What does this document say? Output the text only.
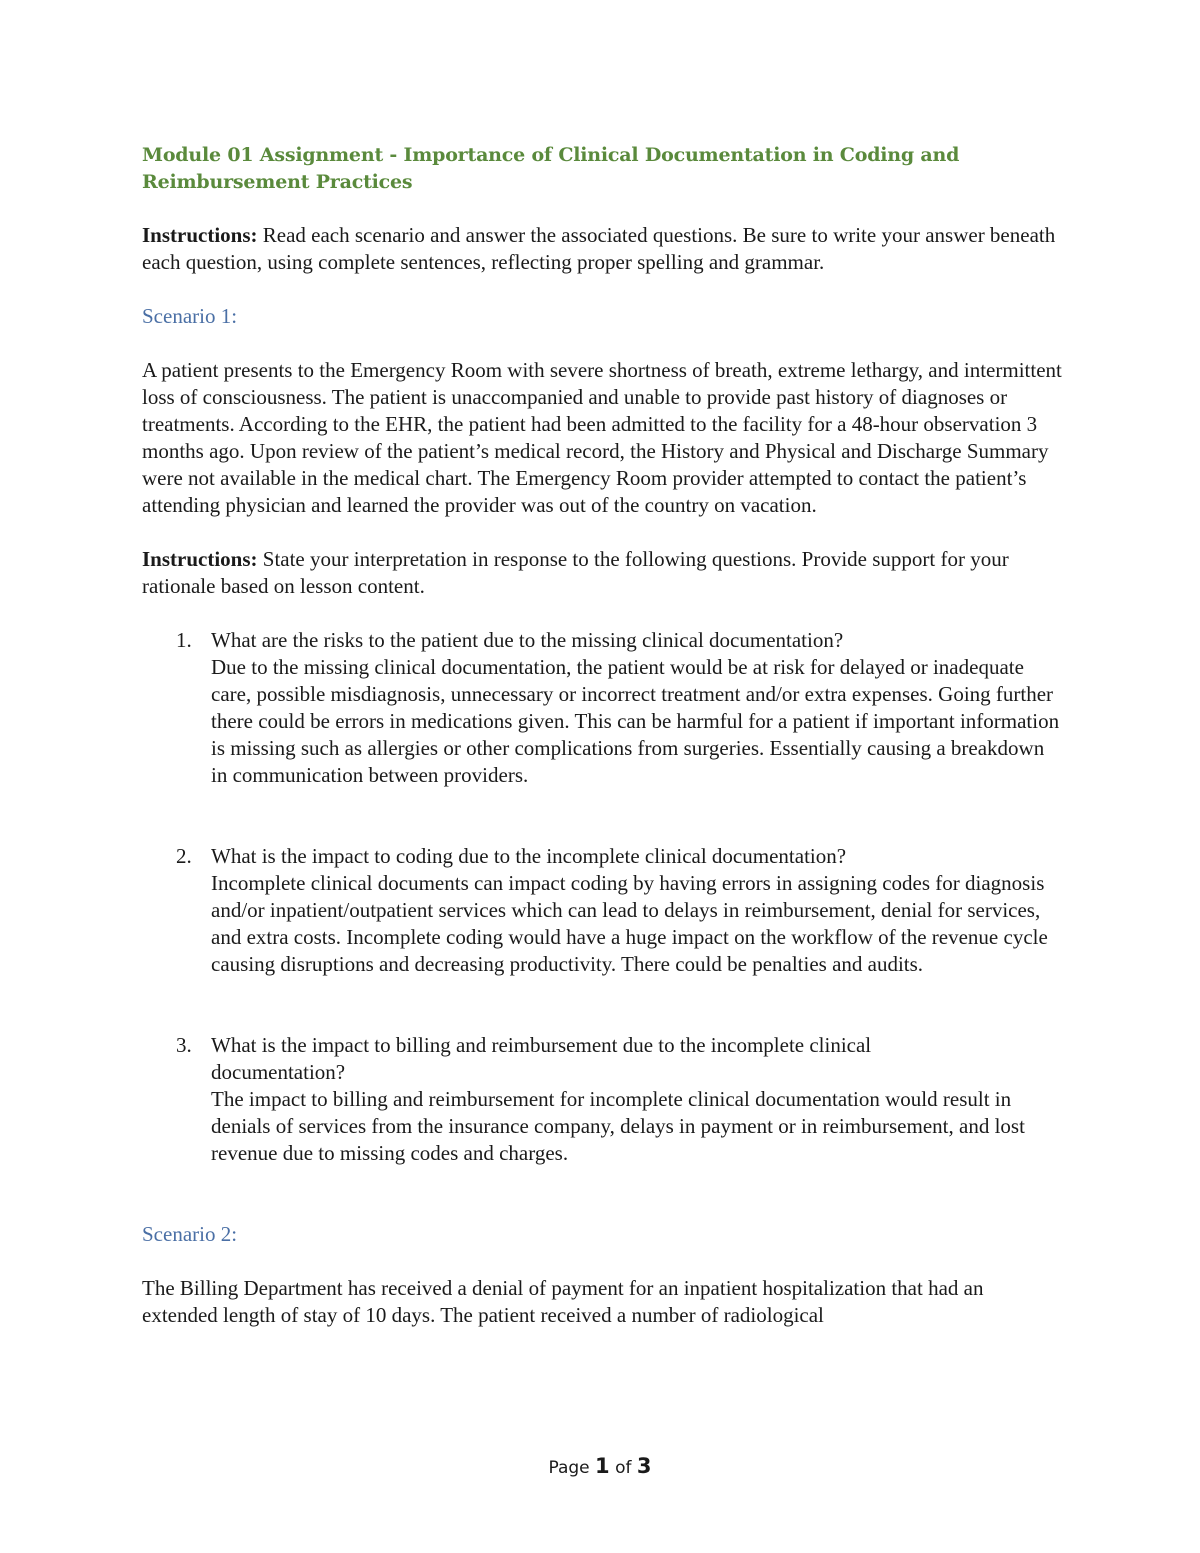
Module 01 Assignment - Importance of Clinical Documentation in Coding and Reimbursement Practices

Instructions: Read each scenario and answer the associated questions. Be sure to write your answer beneath each question, using complete sentences, reflecting proper spelling and grammar.

Scenario 1:

A patient presents to the Emergency Room with severe shortness of breath, extreme lethargy, and intermittent loss of consciousness. The patient is unaccompanied and unable to provide past history of diagnoses or treatments. According to the EHR, the patient had been admitted to the facility for a 48-hour observation 3 months ago. Upon review of the patient’s medical record, the History and Physical and Discharge Summary were not available in the medical chart. The Emergency Room provider attempted to contact the patient’s attending physician and learned the provider was out of the country on vacation.

Instructions: State your interpretation in response to the following questions. Provide support for your rationale based on lesson content.

1. What are the risks to the patient due to the missing clinical documentation?
Due to the missing clinical documentation, the patient would be at risk for delayed or inadequate care, possible misdiagnosis, unnecessary or incorrect treatment and/or extra expenses. Going further there could be errors in medications given. This can be harmful for a patient if important information is missing such as allergies or other complications from surgeries. Essentially causing a breakdown in communication between providers.
2. What is the impact to coding due to the incomplete clinical documentation?
Incomplete clinical documents can impact coding by having errors in assigning codes for diagnosis and/or inpatient/outpatient services which can lead to delays in reimbursement, denial for services, and extra costs. Incomplete coding would have a huge impact on the workflow of the revenue cycle causing disruptions and decreasing productivity. There could be penalties and audits.
3. What is the impact to billing and reimbursement due to the incomplete clinical documentation?
The impact to billing and reimbursement for incomplete clinical documentation would result in denials of services from the insurance company, delays in payment or in reimbursement, and lost revenue due to missing codes and charges.
Scenario 2:

The Billing Department has received a denial of payment for an inpatient hospitalization that had an extended length of stay of 10 days. The patient received a number of radiological

Page 1 of 3
